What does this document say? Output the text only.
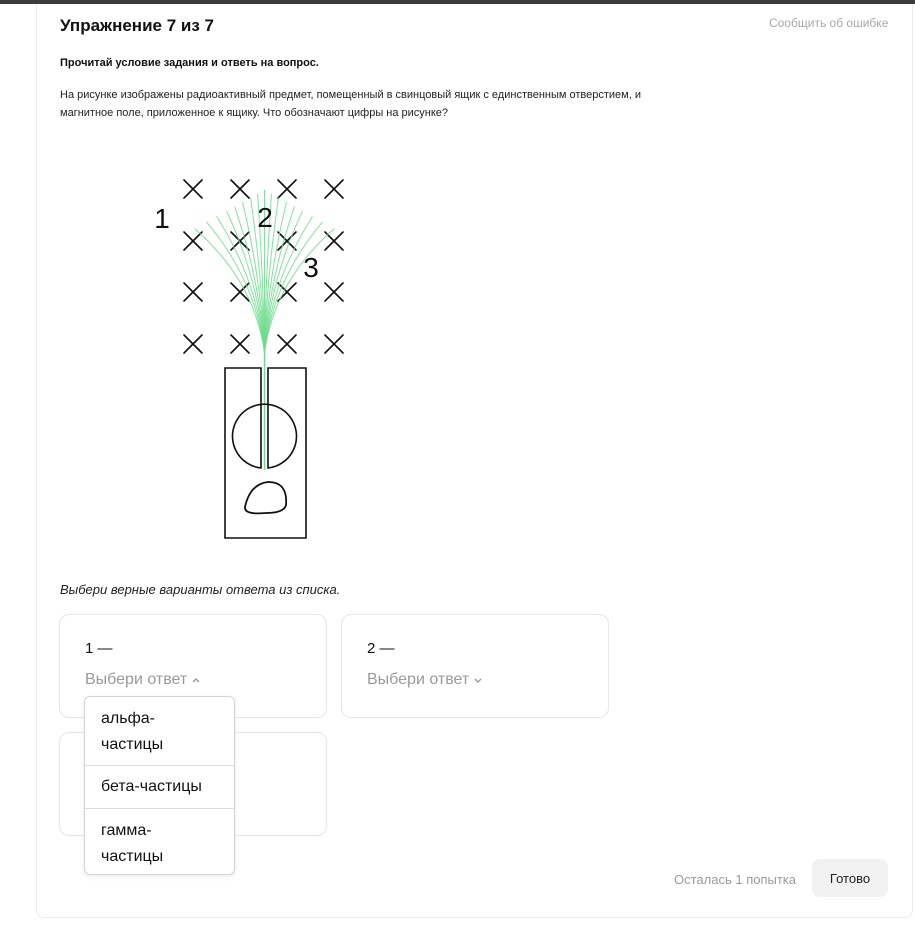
Упражнение 7 из 7	Сообщить об ошибке
Прочитай условие задания и ответь на вопрос.
На рисунке изображены радиоактивный предмет, помещенный в свинцовый ящик с единственным отверстием, и магнитное поле, приложенное к ящику. Что обозначают цифры на рисунке?
1	2
3
Выбери верные варианты ответа из списка.
1 —
Выбери ответ
2 —
Выбери ответ
альфа-
частицы
бета-частицы
гамма-
частицы
Осталась 1 попытка	Готово
